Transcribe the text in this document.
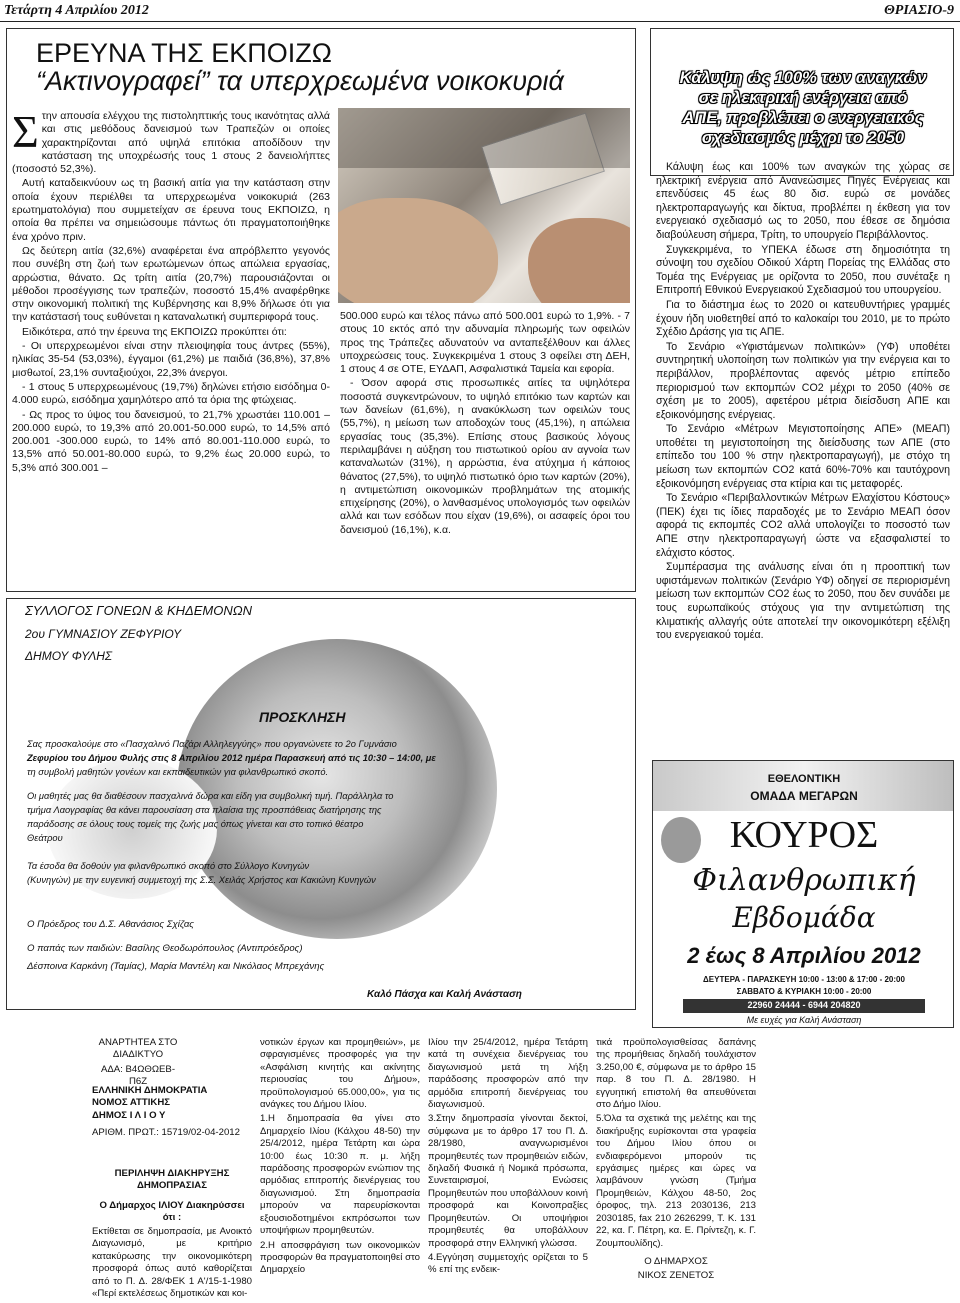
Τετάρτη 4 Απριλίου 2012	ΘΡΙΑΣΙΟ-9
ΕΡΕΥΝΑ ΤΗΣ ΕΚΠΟΙΖΩ
“Ακτινογραφεί” τα υπερχρεωμένα νοικοκυριά

Στην απουσία ελέγχου της πιστοληπτικής τους ικανότητας αλλά και στις μεθόδους δανεισμού των Τραπεζών οι οποίες χαρακτηρίζονται από υψηλά επιτόκια αποδίδουν την κατάσταση της υποχρέωσής τους 1 στους 2 δανειολήπτες (ποσοστό 52,3%).

Αυτή καταδεικνύουν ως τη βασική αιτία για την κατάσταση στην οποία έχουν περιέλθει τα υπερχρεωμένα νοικοκυριά (263 ερωτηματολόγια) που συμμετείχαν σε έρευνα τους ΕΚΠΟΙΖΩ, η οποία θα πρέπει να σημειώσουμε πάντως ότι πραγματοποιήθηκε ένα χρόνο πριν.

Ως δεύτερη αιτία (32,6%) αναφέρεται ένα απρόβλεπτο γεγονός που συνέβη στη ζωή των ερωτώμενων όπως απώλεια εργασίας, αρρώστια, θάνατο. Ως τρίτη αιτία (20,7%) παρουσιάζονται οι μέθοδοι προσέγγισης των τραπεζών, ποσοστό 15,4% αναφέρθηκε στην οικονομική πολιτική της Κυβέρνησης και 8,9% δήλωσε ότι για την κατάστασή τους ευθύνεται η καταναλωτική συμπεριφορά τους.

Ειδικότερα, από την έρευνα της ΕΚΠΟΙΖΩ προκύπτει ότι:

- Οι υπερχρεωμένοι είναι στην πλειοψηφία τους άντρες (55%), ηλικίας 35-54 (53,03%), έγγαμοι (61,2%) με παιδιά (36,8%), 37,8% μισθωτοί, 23,1% συνταξιούχοι, 22,3% άνεργοι.

- 1 στους 5 υπερχρεωμένους (19,7%) δηλώνει ετήσιο εισόδημα 0-4.000 ευρώ, εισόδημα χαμηλότερο από τα όρια της φτώχειας.

- Ως προς το ύψος του δανεισμού, το 21,7% χρωστάει 110.001 – 200.000 ευρώ, το 19,3% από 20.001-50.000 ευρώ, το 14,5% από 200.001 -300.000 ευρώ, το 14% από 80.001-110.000 ευρώ, το 13,5% από 50.001-80.000 ευρώ, το 9,2% έως 20.000 ευρώ, το 5,3% από 300.001 –

500.000 ευρώ και τέλος πάνω από 500.001 ευρώ το 1,9%. - 7 στους 10 εκτός από την αδυναμία πληρωμής των οφειλών προς της Τράπεζες αδυνατούν να ανταπεξέλθουν και άλλες υποχρεώσεις τους. Συγκεκριμένα 1 στους 3 οφείλει στη ΔΕΗ, 1 στους 4 σε ΟΤΕ, ΕΥΔΑΠ, Ασφαλιστικά Ταμεία και εφορία.

- Όσον αφορά στις προσωπικές αιτίες τα υψηλότερα ποσοστά συγκεντρώνουν, το υψηλό επιτόκιο των καρτών και των δανείων (61,6%), η ανακύκλωση των οφειλών τους (55,7%), η μείωση των αποδοχών τους (45,1%), η απώλεια εργασίας τους (35,3%). Επίσης στους βασικούς λόγους περιλαμβάνει η αύξηση του πιστωτικού ορίου αν αγνοία των καταναλωτών (31%), η αρρώστια, ένα ατύχημα ή κάποιος θάνατος (27,5%), το υψηλό πιστωτικό όριο των καρτών (20%), η αντιμετώπιση οικονομικών προβλημάτων της ατομικής επιχείρησης (20%), ο λανθασμένος υπολογισμός των οφειλών αλλά και των εσόδων που είχαν (19,6%), οι ασαφείς όροι του δανεισμού (16,1%), κ.α.

ΣΥΛΛΟΓΟΣ ΓΟΝΕΩΝ & ΚΗΔΕΜΟΝΩΝ
2ου ΓΥΜΝΑΣΙΟΥ ΖΕΦΥΡΙΟΥ
ΔΗΜΟΥ ΦΥΛΗΣ
ΠΡΟΣΚΛΗΣΗ
Σας προσκαλούμε στο «Πασχαλινό Παζάρι Αλληλεγγύης» που οργανώνετε το 2ο Γυμνάσιο
Ζεφυρίου του Δήμου Φυλής στις 8 Απριλίου 2012 ημέρα Παρασκευή από τις 10:30 – 14:00, με
τη συμβολή μαθητών γονέων και εκπαιδευτικών για φιλανθρωπικό σκοπό.
Οι μαθητές μας θα διαθέσουν πασχαλινά δώρα και είδη για συμβολική τιμή. Παράλληλα το
τμήμα Λαογραφίας θα κάνει παρουσίαση στα πλαίσια της προσπάθειας διατήρησης της
παράδοσης σε όλους τους τομείς της ζωής μας όπως γίνεται και στο τοπικό θέατρο
Θεάτρου
Τα έσοδα θα δοθούν για φιλανθρωπικό σκοπό στο Σύλλογο Κυνηγών
(Κυνηγών) με την ευγενική συμμετοχή της Σ.Σ. Χειλάς Χρήστος και Κακιώνη Κυνηγών
Ο Πρόεδρος του Δ.Σ. Αθανάσιος Σχίζας
Ο παπάς των παιδιών: Βασίλης Θεοδωρόπουλος (Αντιπρόεδρος)
Δέσποινα Καρκάνη (Ταμίας), Μαρία Μαντέλη και Νικόλαος Μπρεχάνης
Καλό Πάσχα και Καλή Ανάσταση
Κάλυψη ώς 100% των αναγκών
σε ηλεκτρική ενέργεια από
ΑΠΕ, προβλέπει ο ενεργειακός
σχεδιασμός μέχρι το 2050

Κάλυψη έως και 100% των αναγκών της χώρας σε ηλεκτρική ενέργεια από Ανανεώσιμες Πηγές Ενέργειας και επενδύσεις 45 έως 80 δισ. ευρώ σε μονάδες ηλεκτροπαραγωγής και δίκτυα, προβλέπει η έκθεση για τον ενεργειακό σχεδιασμό ως το 2050, που έθεσε σε δημόσια διαβούλευση σήμερα, Τρίτη, το υπουργείο Περιβάλλοντος.

Συγκεκριμένα, το ΥΠΕΚΑ έδωσε στη δημοσιότητα τη σύνοψη του σχεδίου Οδικού Χάρτη Πορείας της Ελλάδας στο Τομέα της Ενέργειας με ορίζοντα το 2050, που συνέταξε η Επιτροπή Εθνικού Ενεργειακού Σχεδιασμού του υπουργείου.

Για το διάστημα έως το 2020 οι κατευθυντήριες γραμμές έχουν ήδη υιοθετηθεί από το καλοκαίρι του 2010, με το πρώτο Σχέδιο Δράσης για τις ΑΠΕ.

Το Σενάριο «Υφιστάμενων πολιτικών» (ΥΦ) υποθέτει συντηρητική υλοποίηση των πολιτικών για την ενέργεια και το περιβάλλον, προβλέποντας αφενός μέτριο επίπεδο περιορισμού των εκπομπών CO2 μέχρι το 2050 (40% σε σχέση με το 2005), αφετέρου μέτρια διείσδυση ΑΠΕ και εξοικονόμησης ενέργειας.

Το Σενάριο «Μέτρων Μεγιστοποίησης ΑΠΕ» (ΜΕΑΠ) υποθέτει τη μεγιστοποίηση της διείσδυσης των ΑΠΕ (στο επίπεδο του 100 % στην ηλεκτροπαραγωγή), με στόχο τη μείωση των εκπομπών CO2 κατά 60%-70% και ταυτόχρονη εξοικονόμηση ενέργειας στα κτίρια και τις μεταφορές.

Το Σενάριο «Περιβαλλοντικών Μέτρων Ελαχίστου Κόστους» (ΠΕΚ) έχει τις ίδιες παραδοχές με το Σενάριο ΜΕΑΠ όσον αφορά τις εκπομπές CO2 αλλά υπολογίζει το ποσοστό των ΑΠΕ στην ηλεκτροπαραγωγή ώστε να εξασφαλιστεί το ελάχιστο κόστος.

Συμπέρασμα της ανάλυσης είναι ότι η προοπτική των υφιστάμενων πολιτικών (Σενάριο ΥΦ) οδηγεί σε περιορισμένη μείωση των εκπομπών CO2 έως το 2050, που δεν συνάδει με τους ευρωπαϊκούς στόχους για την αντιμετώπιση της κλιματικής αλλαγής ούτε αποτελεί την οικονομικότερη εξέλιξη του ενεργειακού τομέα.

ΕΘΕΛΟΝΤΙΚΗ
ΟΜΑΔΑ ΜΕΓΑΡΩΝ
ΚΟΥΡΟΣ
Φιλανθρωπική
Εβδομάδα
2 έως 8 Απριλίου 2012
ΔΕΥΤΕΡΑ - ΠΑΡΑΣΚΕΥΗ 10:00 - 13:00 & 17:00 - 20:00
ΣΑΒΒΑΤΟ & ΚΥΡΙΑΚΗ 10:00 - 20:00
22960 24444 - 6944 204820
Με ευχές για Καλή Ανάσταση

ΑΝΑΡΤΗΤΕΑ ΣΤΟ ΔΙΑΔΙΚΤΥΟ

ΑΔΑ: Β4ΩΘΩΕΒ-Π6Ζ

ΕΛΛΗΝΙΚΗ ΔΗΜΟΚΡΑΤΙΑ

ΝΟΜΟΣ ΑΤΤΙΚΗΣ

ΔΗΜΟΣ Ι Λ Ι Ο Υ

ΑΡΙΘΜ. ΠΡΩΤ.: 15719/02-04-2012

ΠΕΡΙΛΗΨΗ ΔΙΑΚΗΡΥΞΗΣ ΔΗΜΟΠΡΑΣΙΑΣ

Ο Δήμαρχος ΙΛΙΟΥ Διακηρύσσει ότι :

Εκτίθεται σε δημοπρασία, με Ανοικτό Διαγωνισμό, με κριτήριο κατακύρωσης την οικονομικότερη προσφορά όπως αυτό καθορίζεται από το Π. Δ. 28/ΦΕΚ 1 Α'/15-1-1980 «Περί εκτελέσεως δημοτικών και κοι-

νοτικών έργων και προμηθειών», με σφραγισμένες προσφορές για την «Ασφάλιση κινητής και ακίνητης περιουσίας του Δήμου», προϋπολογισμού 65.000,00», για τις ανάγκες του Δήμου Ιλίου.

1.Η δημοπρασία θα γίνει στο Δημαρχείο Ιλίου (Κάλχου 48-50) την 25/4/2012, ημέρα Τετάρτη και ώρα 10:00 έως 10:30 π. μ. λήξη παράδοσης προσφορών ενώπιον της αρμόδιας επιτροπής διενέργειας του διαγωνισμού. Στη δημοπρασία μπορούν να παρευρίσκονται εξουσιοδοτημένοι εκπρόσωποι των υποψήφιων προμηθευτών.

2.Η αποσφράγιση των οικονομικών προσφορών θα πραγματοποιηθεί στο Δημαρχείο

Ιλίου την 25/4/2012, ημέρα Τετάρτη κατά τη συνέχεια διενέργειας του διαγωνισμού μετά τη λήξη παράδοσης προσφορών από την αρμόδια επιτροπή διενέργειας του διαγωνισμού.

3.Στην δημοπρασία γίνονται δεκτοί, σύμφωνα με το άρθρο 17 του Π. Δ. 28/1980, αναγνωρισμένοι προμηθευτές των προμηθειών ειδών, δηλαδή Φυσικά ή Νομικά πρόσωπα, Συνεταιρισμοί, Ενώσεις Προμηθευτών που υποβάλλουν κοινή προσφορά και Κοινοπραξίες Προμηθευτών. Οι υποψήφιοι προμηθευτές θα υποβάλλουν προσφορά στην Ελληνική γλώσσα.

4.Εγγύηση συμμετοχής ορίζεται το 5 % επί της ενδεικ-

τικά προϋπολογισθείσας δαπάνης της προμήθειας δηλαδή τουλάχιστον 3.250,00 €, σύμφωνα με το άρθρο 15 παρ. 8 του Π. Δ. 28/1980. Η εγγυητική επιστολή θα απευθύνεται στο Δήμο Ιλίου.

5.Όλα τα σχετικά της μελέτης και της διακήρυξης ευρίσκονται στα γραφεία του Δήμου Ιλίου όπου οι ενδιαφερόμενοι μπορούν τις εργάσιμες ημέρες και ώρες να λαμβάνουν γνώση (Τμήμα Προμηθειών, Κάλχου 48-50, 2ος όροφος, τηλ. 213 2030136, 213 2030185, fax 210 2626299, Τ. Κ. 131 22, κα. Γ. Πέτρη, κα. Ε. Πρίντεζη, κ. Γ. Ζουμπουλίδης).

Ο ΔΗΜΑΡΧΟΣ

ΝΙΚΟΣ ΖΕΝΕΤΟΣ
